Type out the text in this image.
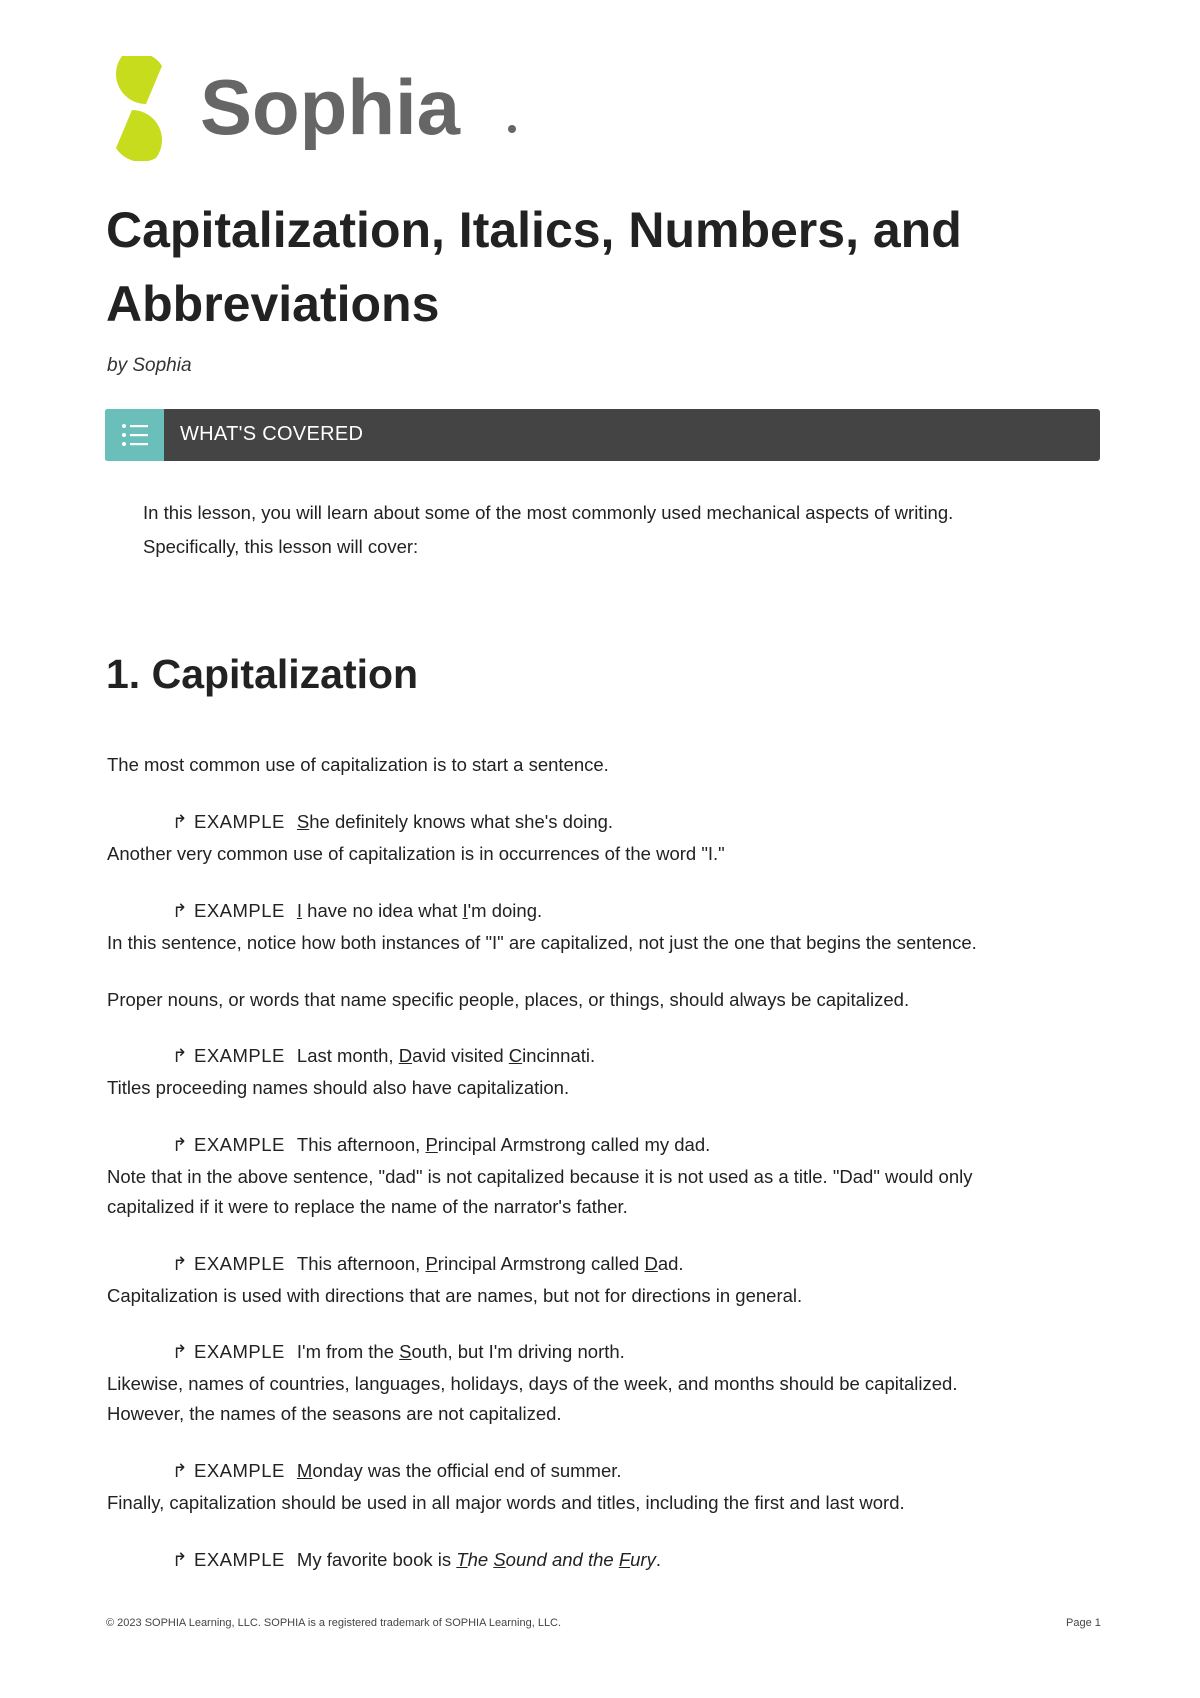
Sophia
Capitalization, Italics, Numbers, and Abbreviations
by Sophia
WHAT'S COVERED
In this lesson, you will learn about some of the most commonly used mechanical aspects of writing.
Specifically, this lesson will cover:
1. Capitalization

The most common use of capitalization is to start a sentence.

↱ EXAMPLE She definitely knows what she's doing.

Another very common use of capitalization is in occurrences of the word "I."

↱ EXAMPLE I have no idea what I'm doing.

In this sentence, notice how both instances of "I" are capitalized, not just the one that begins the sentence.

Proper nouns, or words that name specific people, places, or things, should always be capitalized.

↱ EXAMPLE Last month, David visited Cincinnati.

Titles proceeding names should also have capitalization.

↱ EXAMPLE This afternoon, Principal Armstrong called my dad.

Note that in the above sentence, "dad" is not capitalized because it is not used as a title. "Dad" would only

capitalized if it were to replace the name of the narrator's father.

↱ EXAMPLE This afternoon, Principal Armstrong called Dad.

Capitalization is used with directions that are names, but not for directions in general.

↱ EXAMPLE I'm from the South, but I'm driving north.

Likewise, names of countries, languages, holidays, days of the week, and months should be capitalized.

However, the names of the seasons are not capitalized.

↱ EXAMPLE Monday was the official end of summer.

Finally, capitalization should be used in all major words and titles, including the first and last word.

↱ EXAMPLE My favorite book is The Sound and the Fury.
© 2023 SOPHIA Learning, LLC. SOPHIA is a registered trademark of SOPHIA Learning, LLC.	Page 1
